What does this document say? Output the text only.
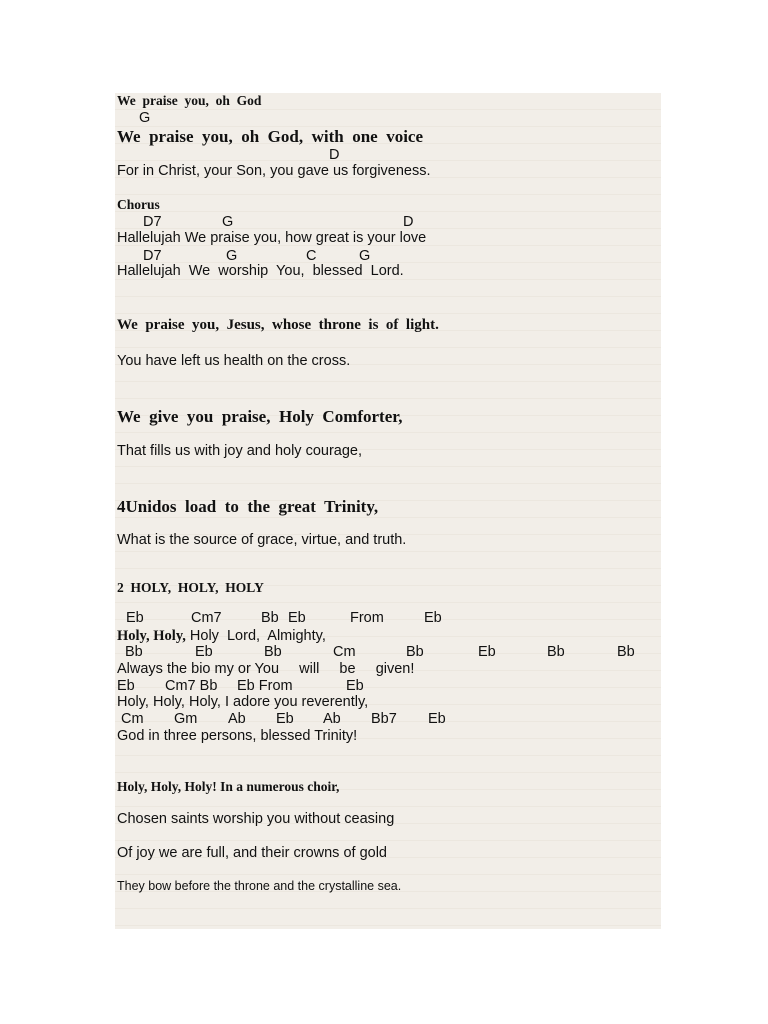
We  praise  you,  oh  God
G
We  praise  you,  oh  God,  with  one  voice
D
For in Christ, your Son, you gave us forgiveness.
Chorus
D7	G	D
Hallelujah We praise you, how great is your love
D7	G	C	G
Hallelujah  We  worship  You,  blessed  Lord.
We  praise  you,  Jesus,  whose  throne  is  of  light.
You have left us health on the cross.
We  give  you  praise,  Holy  Comforter,
That fills us with joy and holy courage,
4Unidos  load  to  the  great  Trinity,
What is the source of grace, virtue, and truth.
2  HOLY,  HOLY,  HOLY
Eb	Cm7	Bb Eb	From	Eb
Holy, Holy, Holy  Lord,  Almighty,
Bb	Eb	Bb	Cm	Bb	Eb	Bb	Bb
Always the bio my or You     will     be     given!
Eb Cm7 Bb Eb From	Eb
Holy, Holy, Holy, I adore you reverently,
Cm Gm Ab Eb Ab Bb7 Eb
God in three persons, blessed Trinity!
Holy, Holy, Holy! In a numerous choir,
Chosen saints worship you without ceasing
Of joy we are full, and their crowns of gold
They bow before the throne and the crystalline sea.
